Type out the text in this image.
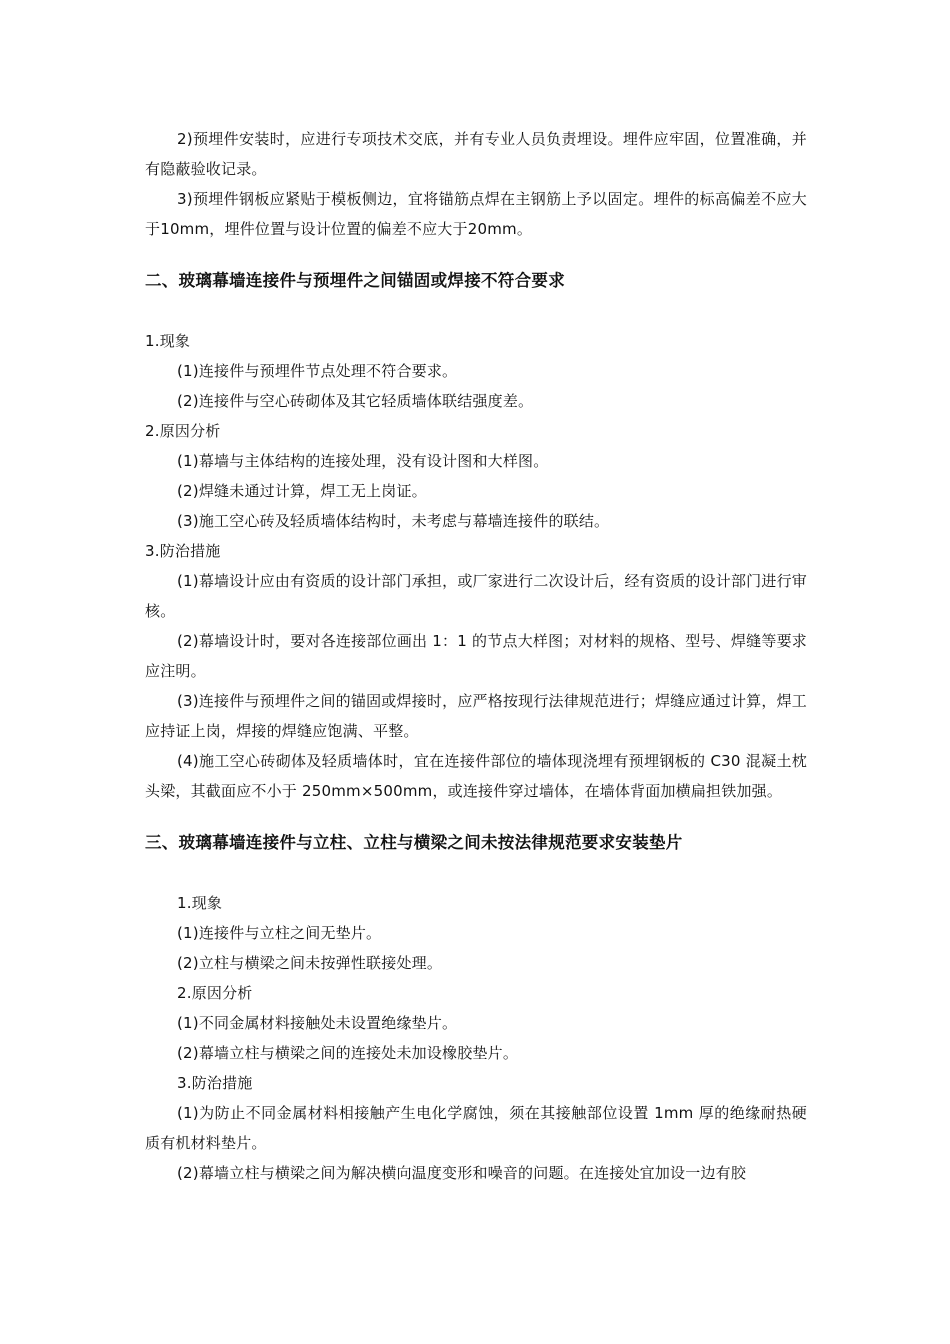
2)预埋件安装时，应进行专项技术交底，并有专业人员负责埋设。埋件应牢固，位置准确，并有隐蔽验收记录。

3)预埋件钢板应紧贴于模板侧边，宜将锚筋点焊在主钢筋上予以固定。埋件的标高偏差不应大于10mm，埋件位置与设计位置的偏差不应大于20mm。

二、玻璃幕墙连接件与预埋件之间锚固或焊接不符合要求

1.现象

(1)连接件与预埋件节点处理不符合要求。

(2)连接件与空心砖砌体及其它轻质墙体联结强度差。

2.原因分析

(1)幕墙与主体结构的连接处理，没有设计图和大样图。

(2)焊缝未通过计算，焊工无上岗证。

(3)施工空心砖及轻质墙体结构时，未考虑与幕墙连接件的联结。

3.防治措施

(1)幕墙设计应由有资质的设计部门承担，或厂家进行二次设计后，经有资质的设计部门进行审核。

(2)幕墙设计时，要对各连接部位画出 1：1 的节点大样图；对材料的规格、型号、焊缝等要求应注明。

(3)连接件与预埋件之间的锚固或焊接时，应严格按现行法律规范进行；焊缝应通过计算，焊工应持证上岗，焊接的焊缝应饱满、平整。

(4)施工空心砖砌体及轻质墙体时，宜在连接件部位的墙体现浇埋有预埋钢板的 C30 混凝土枕头梁，其截面应不小于 250mm×500mm，或连接件穿过墙体，在墙体背面加横扁担铁加强。

三、玻璃幕墙连接件与立柱、立柱与横梁之间未按法律规范要求安装垫片

1.现象

(1)连接件与立柱之间无垫片。

(2)立柱与横梁之间未按弹性联接处理。

2.原因分析

(1)不同金属材料接触处未设置绝缘垫片。

(2)幕墙立柱与横梁之间的连接处未加设橡胶垫片。

3.防治措施

(1)为防止不同金属材料相接触产生电化学腐蚀，须在其接触部位设置 1mm 厚的绝缘耐热硬质有机材料垫片。

(2)幕墙立柱与横梁之间为解决横向温度变形和噪音的问题。在连接处宜加设一边有胶
